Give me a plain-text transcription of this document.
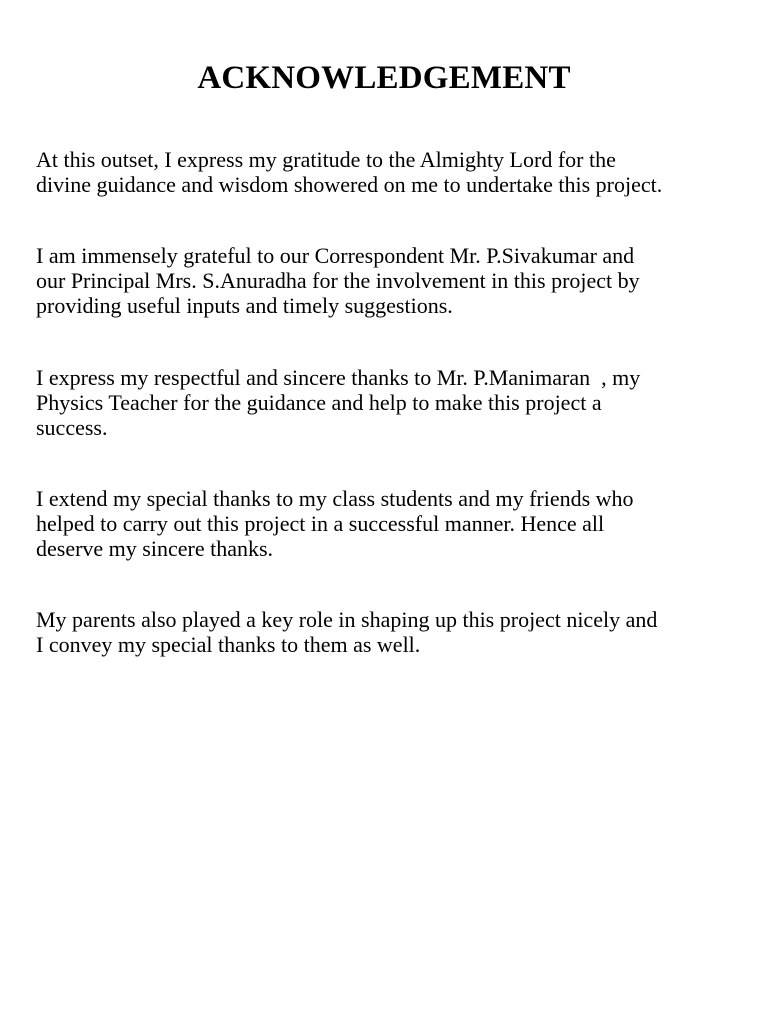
ACKNOWLEDGEMENT

At this outset, I express my gratitude to the Almighty Lord for the
divine guidance and wisdom showered on me to undertake this project.

I am immensely grateful to our Correspondent Mr. P.Sivakumar and
our Principal Mrs. S.Anuradha for the involvement in this project by
providing useful inputs and timely suggestions.

I express my respectful and sincere thanks to Mr. P.Manimaran  , my
Physics Teacher for the guidance and help to make this project a
success.

I extend my special thanks to my class students and my friends who
helped to carry out this project in a successful manner. Hence all
deserve my sincere thanks.

My parents also played a key role in shaping up this project nicely and
I convey my special thanks to them as well.
